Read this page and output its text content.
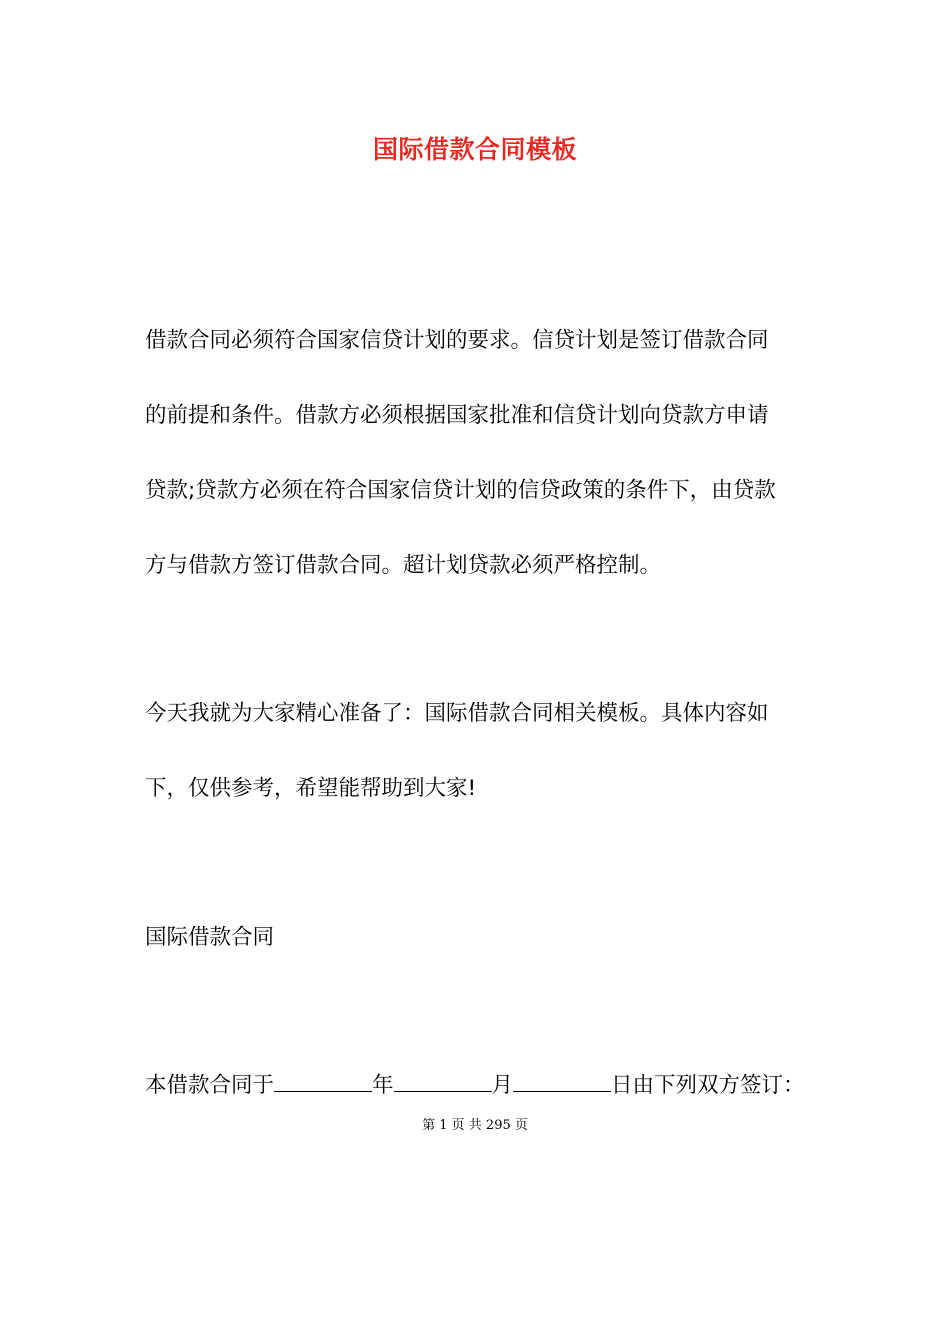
国际借款合同模板
借款合同必须符合国家信贷计划的要求。信贷计划是签订借款合同
的前提和条件。借款方必须根据国家批准和信贷计划向贷款方申请
贷款;贷款方必须在符合国家信贷计划的信贷政策的条件下，由贷款
方与借款方签订借款合同。超计划贷款必须严格控制。
今天我就为大家精心准备了：国际借款合同相关模板。具体内容如
下，仅供参考，希望能帮助到大家!
国际借款合同
本借款合同于	年	月	日由下列双方签订：
第 1 页 共 295 页
